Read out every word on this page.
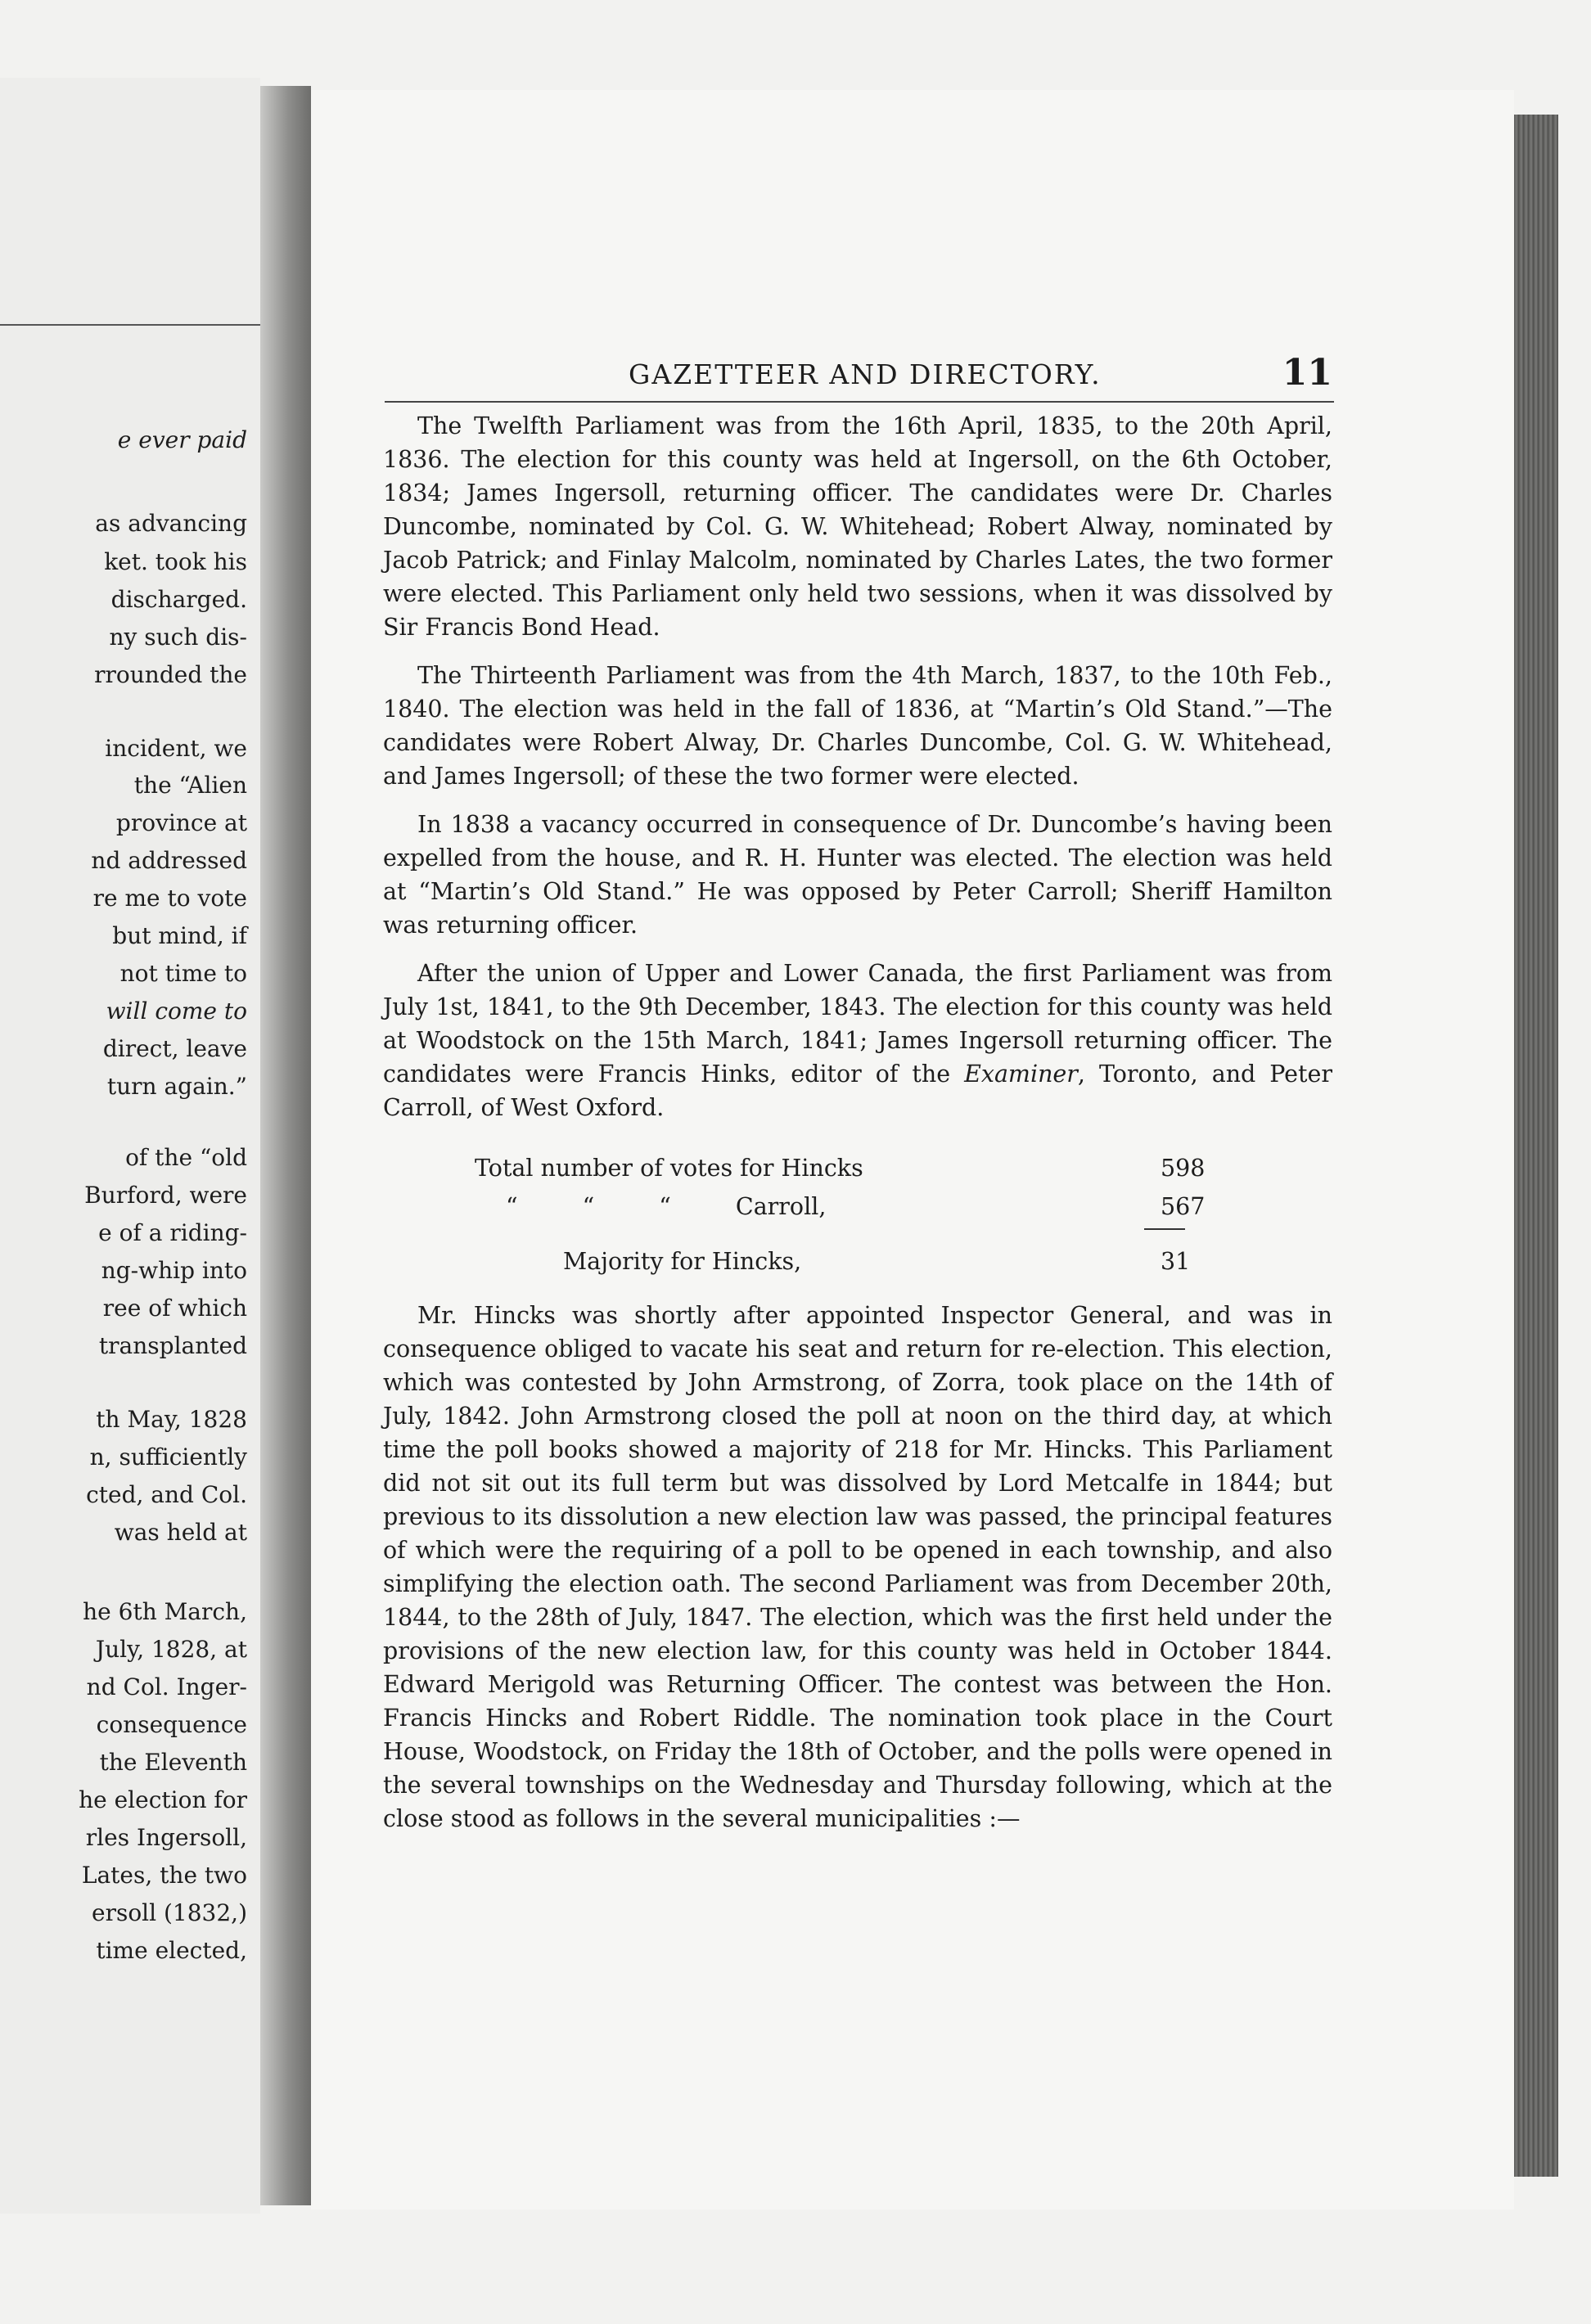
e ever paid
as advancing
ket. took his
discharged.
ny such dis-
rrounded the
incident, we
the “Alien
province at
nd addressed
re me to vote
but mind, if
not time to
will come to
direct, leave
turn again.”
of the “old
Burford, were
e of a riding-
ng-whip into
ree of which
transplanted
th May, 1828
n, sufficiently
cted, and Col.
was held at
he 6th March,
July, 1828, at
nd Col. Inger-
consequence
the Eleventh
he election for
rles Ingersoll,
Lates, the two
ersoll (1832,)
time elected,
GAZETTEER AND DIRECTORY.	11

The Twelfth Parliament was from the 16th April, 1835, to the 20th April, 1836. The election for this county was held at Ingersoll, on the 6th October, 1834; James Ingersoll, returning officer. The candidates were Dr. Charles Duncombe, nominated by Col. G. W. Whitehead; Robert Alway, nominated by Jacob Patrick; and Finlay Malcolm, nominated by Charles Lates, the two former were elected. This Parliament only held two sessions, when it was dissolved by Sir Francis Bond Head.

The Thirteenth Parliament was from the 4th March, 1837, to the 10th Feb., 1840. The election was held in the fall of 1836, at “Martin’s Old Stand.”—The candidates were Robert Alway, Dr. Charles Duncombe, Col. G. W. Whitehead, and James Ingersoll; of these the two former were elected.

In 1838 a vacancy occurred in consequence of Dr. Duncombe’s having been expelled from the house, and R. H. Hunter was elected. The election was held at “Martin’s Old Stand.” He was opposed by Peter Carroll; Sheriff Hamilton was returning officer.

After the union of Upper and Lower Canada, the first Parliament was from July 1st, 1841, to the 9th December, 1843. The election for this county was held at Woodstock on the 15th March, 1841; James Ingersoll returning officer. The candidates were Francis Hinks, editor of the Examiner, Toronto, and Peter Carroll, of West Oxford.

Total number of votes for Hincks	598
“ “ “ Carroll,	567

Majority for Hincks,	31

Mr. Hincks was shortly after appointed Inspector General, and was in consequence obliged to vacate his seat and return for re-election. This election, which was contested by John Armstrong, of Zorra, took place on the 14th of July, 1842. John Armstrong closed the poll at noon on the third day, at which time the poll books showed a majority of 218 for Mr. Hincks. This Parliament did not sit out its full term but was dissolved by Lord Metcalfe in 1844; but previous to its dissolution a new election law was passed, the principal features of which were the requiring of a poll to be opened in each township, and also simplifying the election oath. The second Parliament was from December 20th, 1844, to the 28th of July, 1847. The election, which was the first held under the provisions of the new election law, for this county was held in October 1844. Edward Merigold was Returning Officer. The contest was between the Hon. Francis Hincks and Robert Riddle. The nomination took place in the Court House, Woodstock, on Friday the 18th of October, and the polls were opened in the several townships on the Wednesday and Thursday following, which at the close stood as follows in the several municipalities :—
